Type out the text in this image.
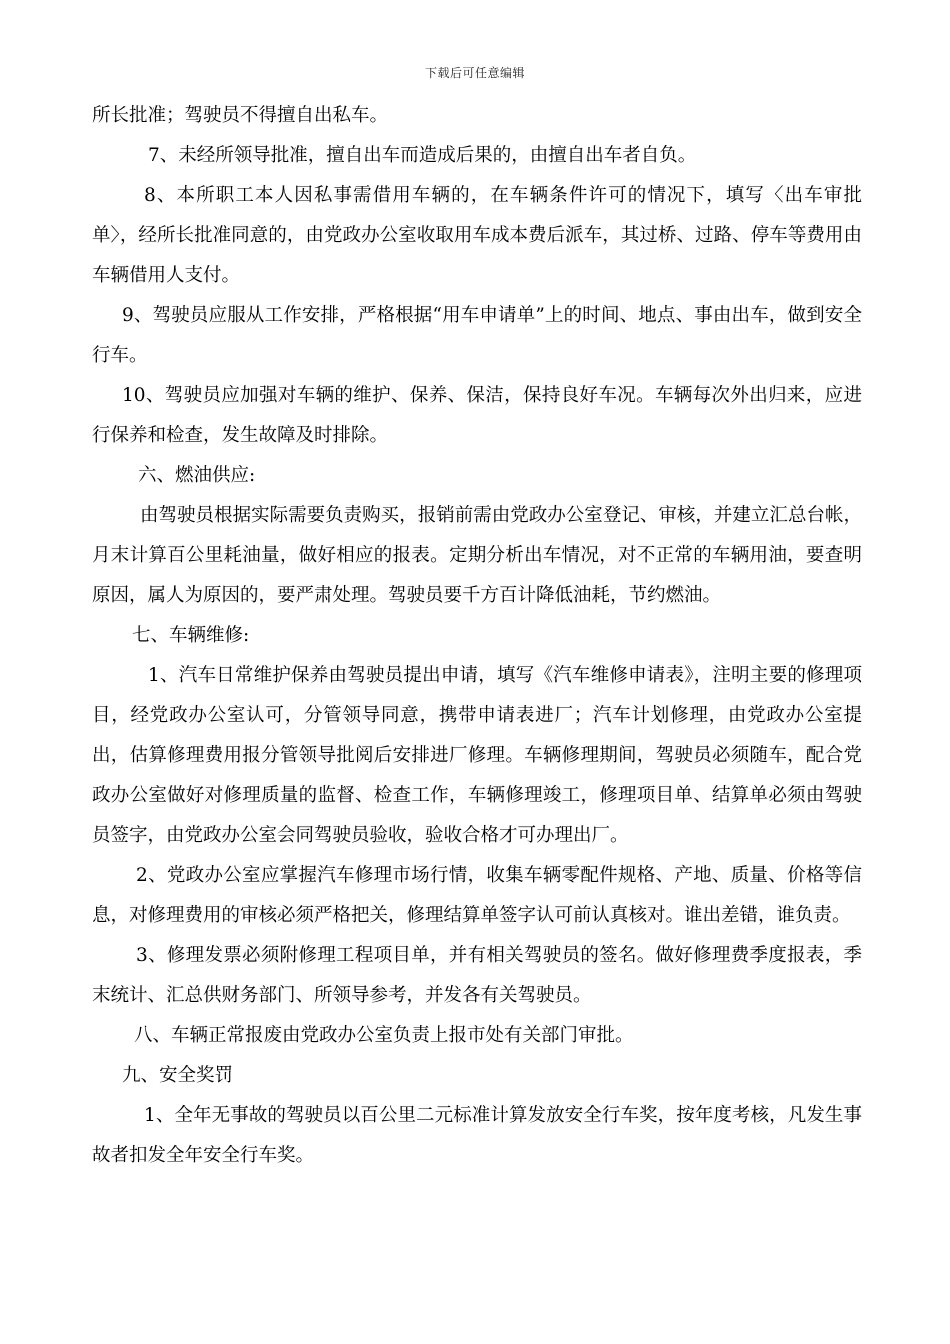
下载后可任意编辑

所长批准；驾驶员不得擅自出私车。

7、未经所领导批准，擅自出车而造成后果的，由擅自出车者自负。

8、本所职工本人因私事需借用车辆的，在车辆条件许可的情况下，填写〈出车审批单〉，经所长批准同意的，由党政办公室收取用车成本费后派车，其过桥、过路、停车等费用由车辆借用人支付。

9、驾驶员应服从工作安排，严格根据“用车申请单”上的时间、地点、事由出车，做到安全行车。

10、驾驶员应加强对车辆的维护、保养、保洁，保持良好车况。车辆每次外出归来，应进行保养和检查，发生故障及时排除。

六、燃油供应:

由驾驶员根据实际需要负责购买，报销前需由党政办公室登记、审核，并建立汇总台帐，月末计算百公里耗油量，做好相应的报表。定期分析出车情况，对不正常的车辆用油，要查明原因，属人为原因的，要严肃处理。驾驶员要千方百计降低油耗，节约燃油。

七、车辆维修:

1、汽车日常维护保养由驾驶员提出申请，填写《汽车维修申请表》，注明主要的修理项目，经党政办公室认可，分管领导同意，携带申请表进厂；汽车计划修理，由党政办公室提出，估算修理费用报分管领导批阅后安排进厂修理。车辆修理期间，驾驶员必须随车，配合党政办公室做好对修理质量的监督、检查工作，车辆修理竣工，修理项目单、结算单必须由驾驶员签字，由党政办公室会同驾驶员验收，验收合格才可办理出厂。

2、党政办公室应掌握汽车修理市场行情，收集车辆零配件规格、产地、质量、价格等信息，对修理费用的审核必须严格把关，修理结算单签字认可前认真核对。谁出差错，谁负责。

3、修理发票必须附修理工程项目单，并有相关驾驶员的签名。做好修理费季度报表，季末统计、汇总供财务部门、所领导参考，并发各有关驾驶员。

八、车辆正常报废由党政办公室负责上报市处有关部门审批。

九、安全奖罚

1、全年无事故的驾驶员以百公里二元标准计算发放安全行车奖，按年度考核，凡发生事故者扣发全年安全行车奖。
